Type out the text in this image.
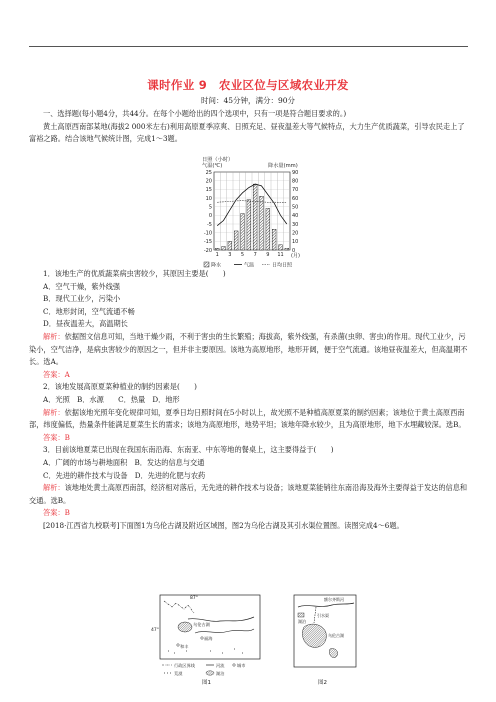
课时作业 9　农业区位与区域农业开发
时间：45分钟，满分：90分

一、选择题(每小题4分，共44分。在每个小题给出的四个选项中，只有一项是符合题目要求的。)

黄土高原西南部某地(海拔2 000米左右)利用高原夏季凉爽、日照充足、昼夜温差大等气候特点，大力生产优质蔬菜，引导农民走上了富裕之路。结合该地气候统计图，完成1～3题。

日照（小时）
气温(℃)	降水量(mm)
25
20
15
10
5
0
-5
-10
-15
-20
90
80
70
60
50
40
30
20
10
0
1 3 5 7 9 11 (月)
降水	气温	日均日照

1．该地生产的优质蔬菜病虫害较少，其原因主要是(　　)

A．空气干燥，紫外线强

B．现代工业少，污染小

C．地形封闭，空气流通不畅

D．昼夜温差大，高温期长

解析：依据图文信息可知，当地干燥少雨，不利于害虫的生长繁殖；海拔高，紫外线强，有杀菌(虫卵、害虫)的作用。现代工业少，污染小，空气洁净，是病虫害较少的原因之一，但并非主要原因。该地为高原地形，地形开阔，便于空气流通。该地昼夜温差大，但高温期不长。选A。

答案：A

2．该地发展高原夏菜种植业的制约因素是(　　)

A．光照　B．水源　　C．热量　D．地形

解析：依据该地光照年变化规律可知，夏季日均日照时间在5小时以上，故光照不是种植高原夏菜的制约因素；该地位于黄土高原西南部，纬度偏低，热量条件能满足夏菜生长的需求；该地为高原地形，地势平坦；该地年降水较少，且为高原地形，地下水埋藏较深。选B。

答案：B

3．目前该地夏菜已出现在我国东南沿海、东南亚、中东等地的餐桌上，这主要得益于(　　)

A．广阔的市场与耕地面积　B．发达的信息与交通

C．先进的耕作技术与设备　D．先进的化肥与农药

解析：该地地处黄土高原西南部，经济相对落后，无先进的耕作技术与设备；该地夏菜能销往东南沿海及海外主要得益于发达的信息和交通。选B。

答案：B

[2018·江西省九校联考]下面图1为乌伦古湖及附近区域图，图2为乌伦古湖及其引水渠位置图。读图完成4～6题。

87°
47°
乌伦古湖
福海
和丰
行政区界线	河流	城市
荒漠	湖泊
图1
额尔齐斯河
引水渠
乌伦古湖
湖泊
图2
